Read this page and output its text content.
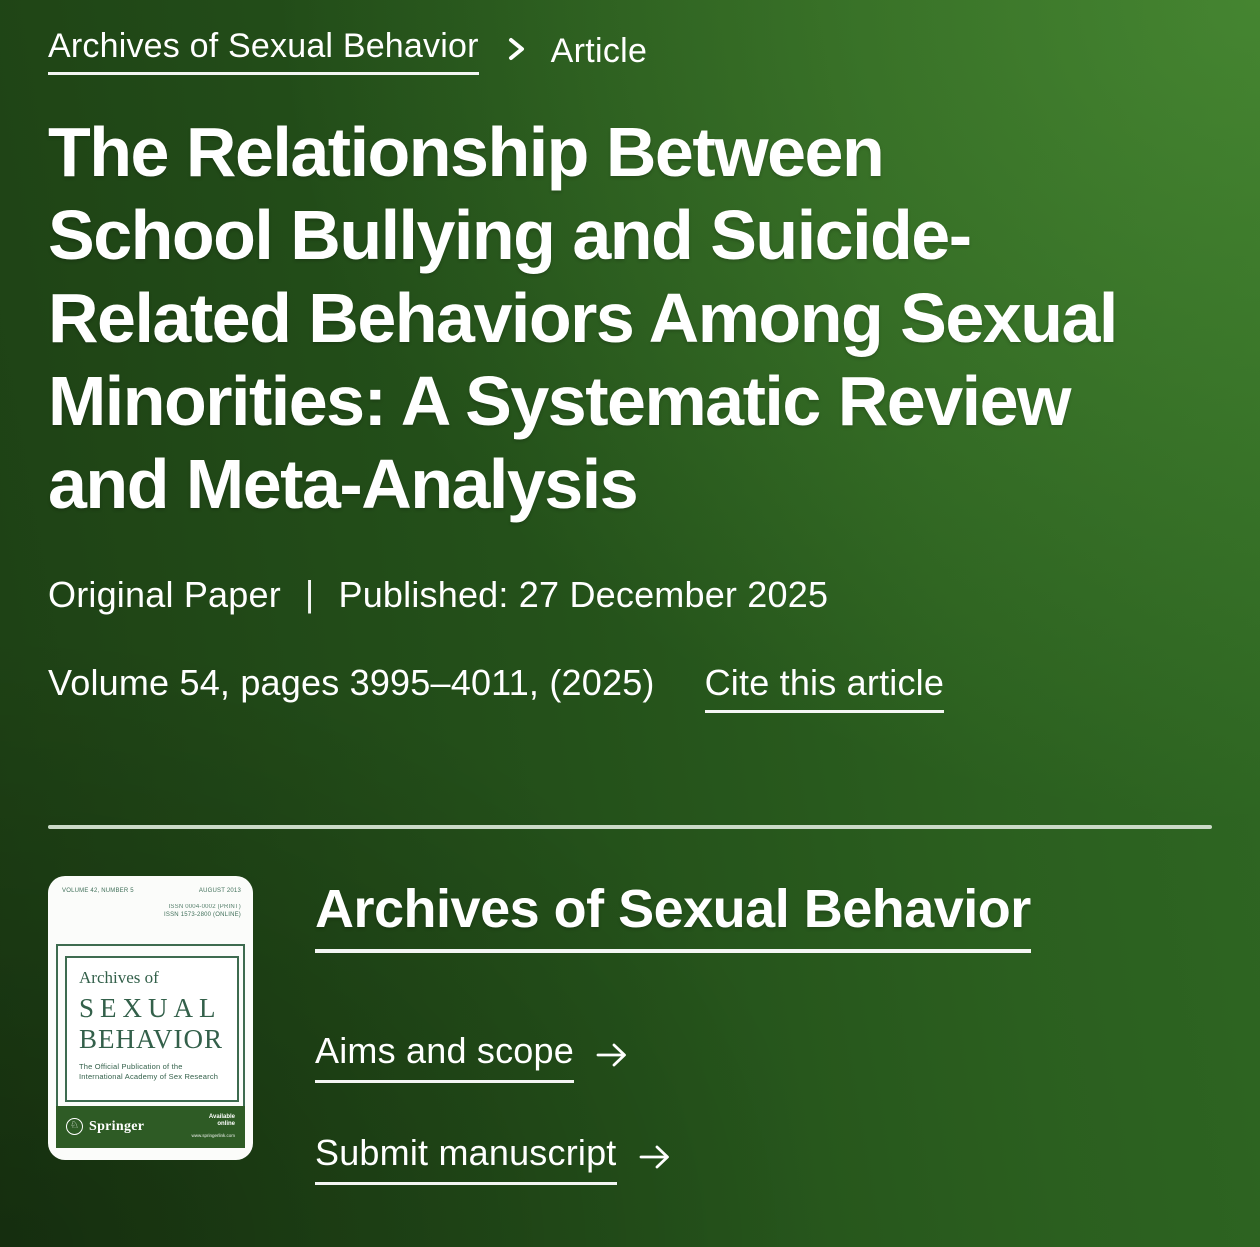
Archives of Sexual Behavior Article
The Relationship Between
School Bullying and Suicide-
Related Behaviors Among Sexual
Minorities: A Systematic Review
and Meta-Analysis
Original Paper | Published: 27 December 2025
Volume 54, pages 3995–4011, (2025) Cite this article
VOLUME 42, NUMBER 5	AUGUST 2013
ISSN 0004-0002 (PRINT)
ISSN 1573-2800 (ONLINE)
Archives of
SEXUAL
BEHAVIOR
The Official Publication of the
International Academy of Sex Research
♘ Springer
Available
online
www.springerlink.com
Archives of Sexual Behavior
Aims and scope
Submit manuscript
